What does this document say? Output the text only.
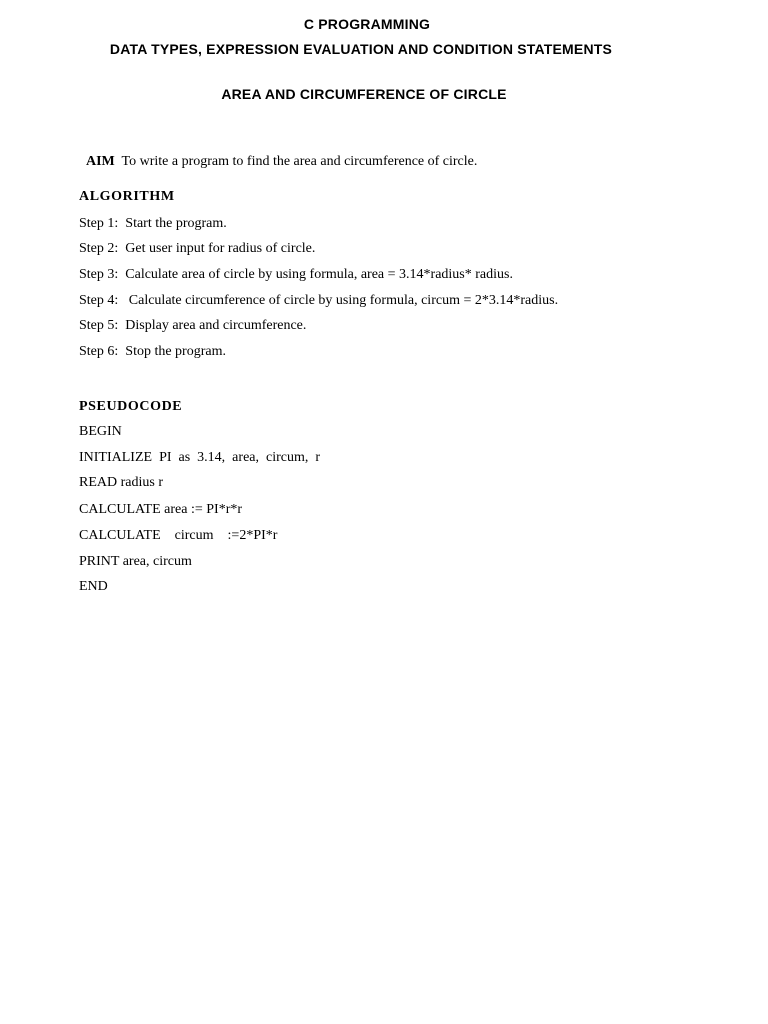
C PROGRAMMING
DATA TYPES, EXPRESSION EVALUATION AND CONDITION STATEMENTS
AREA AND CIRCUMFERENCE OF CIRCLE

AIM To write a program to find the area and circumference of circle.

ALGORITHM
Step 1:  Start the program.
Step 2:  Get user input for radius of circle.
Step 3:  Calculate area of circle by using formula, area = 3.14*radius* radius.
Step 4:   Calculate circumference of circle by using formula, circum = 2*3.14*radius.
Step 5:  Display area and circumference.
Step 6:  Stop the program.
PSEUDOCODE
BEGIN
INITIALIZE  PI  as  3.14,  area,  circum,  r
READ radius r
CALCULATE area := PI*r*r
CALCULATE    circum    :=2*PI*r
PRINT area, circum
END
